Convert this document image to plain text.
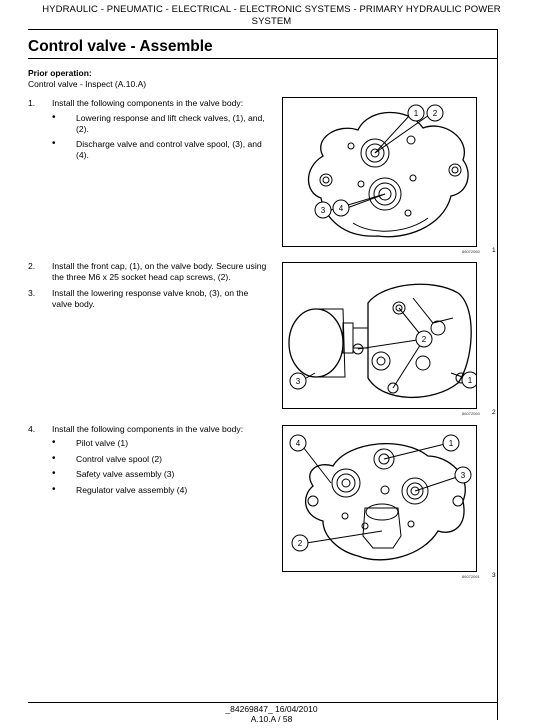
HYDRAULIC - PNEUMATIC - ELECTRICAL - ELECTRONIC SYSTEMS - PRIMARY HYDRAULIC POWER
SYSTEM
Control valve - Assemble
Prior operation:
Control valve - Inspect (A.10.A)
1. Install the following components in the valve body:
• Lowering response and lift check valves, (1), and, (2).
• Discharge valve and control valve spool, (3), and (4).
1 2
3 4
86072060 1
2. Install the front cap, (1), on the valve body. Secure using the three M6 x 25 socket head cap screws, (2).
3. Install the lowering response valve knob, (3), on the valve body.
1
2
3
86072060 2
4. Install the following components in the valve body:
• Pilot valve (1)
• Control valve spool (2)
• Safety valve assembly (3)
• Regulator valve assembly (4)
1
2
3
4
86072061 3
_84269847_ 16/04/2010
A.10.A / 58
